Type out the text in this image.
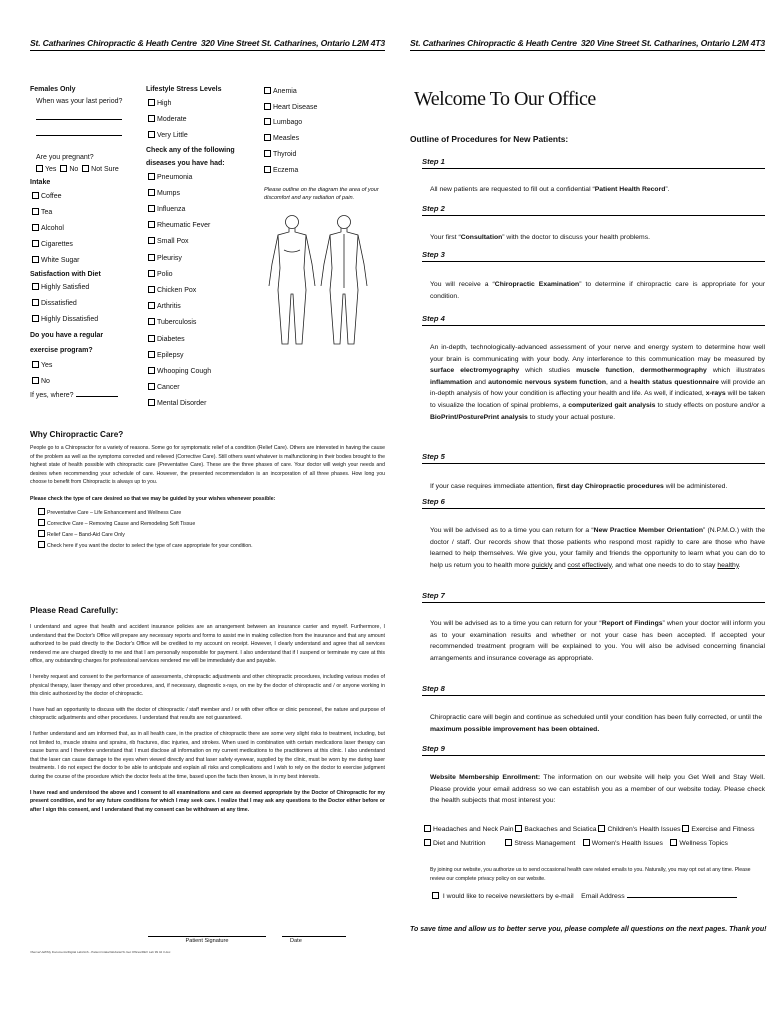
St. Catharines Chiropractic & Heath Centre 320 Vine Street St. Catharines, Ontario L2M 4T3
Females Only
When was your last period?
Are you pregnant?
Yes No Not Sure
Intake
Coffee
Tea
Alcohol
Cigarettes
White Sugar
Satisfaction with Diet
Highly Satisfied
Dissatisfied
Highly Dissatisfied
Do you have a regular
exercise program?
Yes
No
If yes, where?
Lifestyle Stress Levels
High
Moderate
Very Little
Check any of the following
diseases you have had:
Pneumonia
Mumps
Influenza
Rheumatic Fever
Small Pox
Pleurisy
Polio
Chicken Pox
Arthritis
Tuberculosis
Diabetes
Epilepsy
Whooping Cough
Cancer
Mental Disorder
Anemia
Heart Disease
Lumbago
Measles
Thyroid
Eczema
Please outline on the diagram the area of your discomfort and any radiation of pain.
Why Chiropractic Care?
People go to a Chiropractor for a variety of reasons. Some go for symptomatic relief of a condition (Relief Care). Others are interested in having the cause of the problem as well as the symptoms corrected and relieved (Corrective Care). Still others want whatever is malfunctioning in their bodies brought to the highest state of health possible with chiropractic care (Preventative Care). These are the three phases of care. Your doctor will weigh your needs and desires when recommending your schedule of care. However, the presented recommendation is an incorporation of all three phases. How long you choose to benefit from Chiropractic is always up to you.
Please check the type of care desired so that we may be guided by your wishes whenever possible:
Preventative Care – Life Enhancement and Wellness Care
Corrective Care – Removing Cause and Remodeling Soft Tissue
Relief Care – Band-Aid Care Only
Check here if you want the doctor to select the type of care appropriate for your condition.
Please Read Carefully:
I understand and agree that health and accident insurance policies are an arrangement between an insurance carrier and myself. Furthermore, I understand that the Doctor's Office will prepare any necessary reports and forms to assist me in making collection from the insurance and that any amount authorized to be paid directly to the Doctor's Office will be credited to my account on receipt. However, I clearly understand and agree that all services rendered me are charged directly to me and that I am personally responsible for payment. I also understand that if I suspend or terminate my care at this office, any outstanding charges for professional services rendered me will be immediately due and payable.
I hereby request and consent to the performance of assessments, chiropractic adjustments and other chiropractic procedures, including various modes of physical therapy, laser therapy and other procedures, and, if necessary, diagnostic x-rays, on me by the doctor of chiropractic and / or anyone working in this clinic authorized by the doctor of chiropractic.
I have had an opportunity to discuss with the doctor of chiropractic / staff member and / or with other office or clinic personnel, the nature and purpose of chiropractic adjustments and other procedures. I understand that results are not guaranteed.
I further understand and am informed that, as in all health care, in the practice of chiropractic there are some very slight risks to treatment, including, but not limited to, muscle strains and sprains, rib fractures, disc injuries, and strokes. When used in combination with certain medications laser therapy can cause burns and I therefore understand that I must disclose all information on my current medications to the practitioners at this clinic. I also understand that the laser can cause damage to the eyes when viewed directly and that laser safety eyewear, supplied by the clinic, must be worn by me during laser treatments. I do not expect the doctor to be able to anticipate and explain all risks and complications and I wish to rely on the doctor to exercise judgment during the course of the procedure which the doctor feels at the time, based upon the facts then known, is in my best interests.
I have read and understood the above and I consent to all examinations and care as deemed appropriate by the Doctor of Chiropractic for my present condition, and for any future conditions for which I may seek care. I realize that I may ask any questions to the Doctor either before or after I sign this consent, and I understand that my consent can be withdrawn at any time.
Patient Signature	Date
\\Server\Jeff\My Documents\Digital Labs\GS - Patient Intake\Website\To Get Offices\REV Lab 99 42 3.doc
St. Catharines Chiropractic & Heath Centre 320 Vine Street St. Catharines, Ontario L2M 4T3
Welcome To Our Office
Outline of Procedures for New Patients:
Step 1
All new patients are requested to fill out a confidential “Patient Health Record”.
Step 2
Your first “Consultation” with the doctor to discuss your health problems.
Step 3
You will receive a “Chiropractic Examination” to determine if chiropractic care is appropriate for your condition.
Step 4
An in-depth, technologically-advanced assessment of your nerve and energy system to determine how well your brain is communicating with your body. Any interference to this communication may be measured by surface electromyography which studies muscle function, dermothermography which illustrates inflammation and autonomic nervous system function, and a health status questionnaire will provide an in-depth analysis of how your condition is affecting your health and life. As well, if indicated, x-rays will be taken to visualize the location of spinal problems, a computerized gait analysis to study effects on posture and/or a BioPrint/PosturePrint analysis to study your actual posture.
Step 5
If your case requires immediate attention, first day Chiropractic procedures will be administered.
Step 6
You will be advised as to a time you can return for a “New Practice Member Orientation” (N.P.M.O.) with the doctor / staff. Our records show that those patients who respond most rapidly to care are those who have learned to help themselves. We give you, your family and friends the opportunity to learn what you can do to help us return you to health more quickly and cost effectively, and what one needs to do to stay healthy.
Step 7
You will be advised as to a time you can return for your “Report of Findings” when your doctor will inform you as to your examination results and whether or not your case has been accepted. If accepted your recommended treatment program will be explained to you. You will also be advised concerning financial arrangements and insurance coverage as appropriate.
Step 8
Chiropractic care will begin and continue as scheduled until your condition has been fully corrected, or until the maximum possible improvement has been obtained.
Step 9
Website Membership Enrollment: The information on our website will help you Get Well and Stay Well. Please provide your email address so we can establish you as a member of our website today. Please check the health subjects that most interest you:
Headaches and Neck Pain Backaches and Sciatica Children's Health Issues Exercise and Fitness
Diet and Nutrition	Stress Management Women's Health Issues Wellness Topics
By joining our website, you authorize us to send occasional health care related emails to you. Naturally, you may opt out at any time. Please review our complete privacy policy on our website.
I would like to receive newsletters by e-mail Email Address
To save time and allow us to better serve you, please complete all questions on the next pages. Thank you!
